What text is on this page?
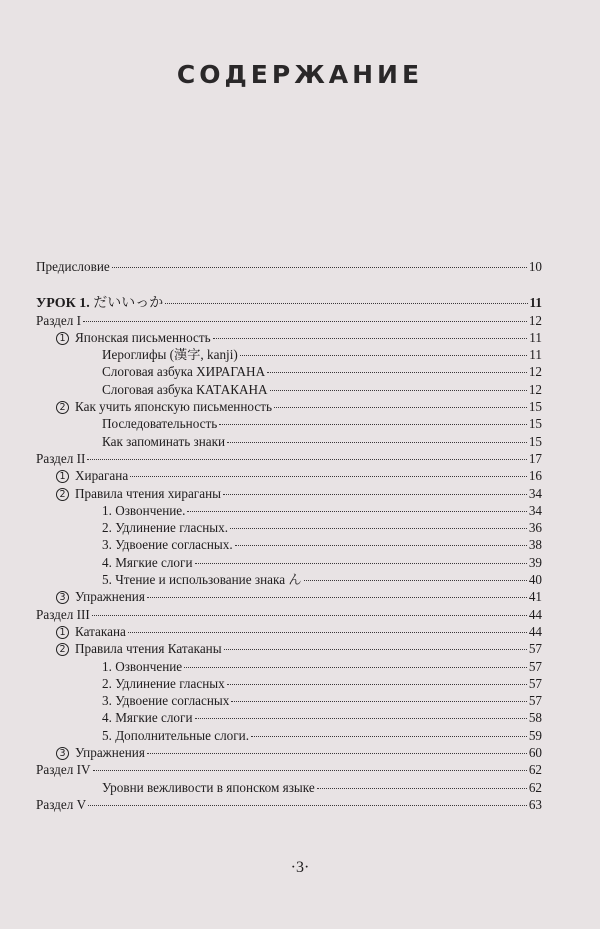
СОДЕРЖАНИЕ
Предисловие	10
УРОК 1. だいいっか	11
Раздел I	12
1 Японская письменность	11
Иероглифы (漢字, kanji)	11
Слоговая азбука ХИРАГАНА	12
Слоговая азбука КАТАКАНА	12
2 Как учить японскую письменность	15
Последовательность	15
Как запоминать знаки	15
Раздел II	17
1 Хирагана	16
2 Правила чтения хираганы	34
1. Озвончение.	34
2. Удлинение гласных.	36
3. Удвоение согласных.	38
4. Мягкие слоги	39
5. Чтение и использование знака ん	40
3 Упражнения	41
Раздел III	44
1 Катакана	44
2 Правила чтения Катаканы	57
1. Озвончение	57
2. Удлинение гласных	57
3. Удвоение согласных	57
4. Мягкие слоги	58
5. Дополнительные слоги.	59
3 Упражнения	60
Раздел IV	62
Уровни вежливости в японском языке	62
Раздел V	63
·3·
